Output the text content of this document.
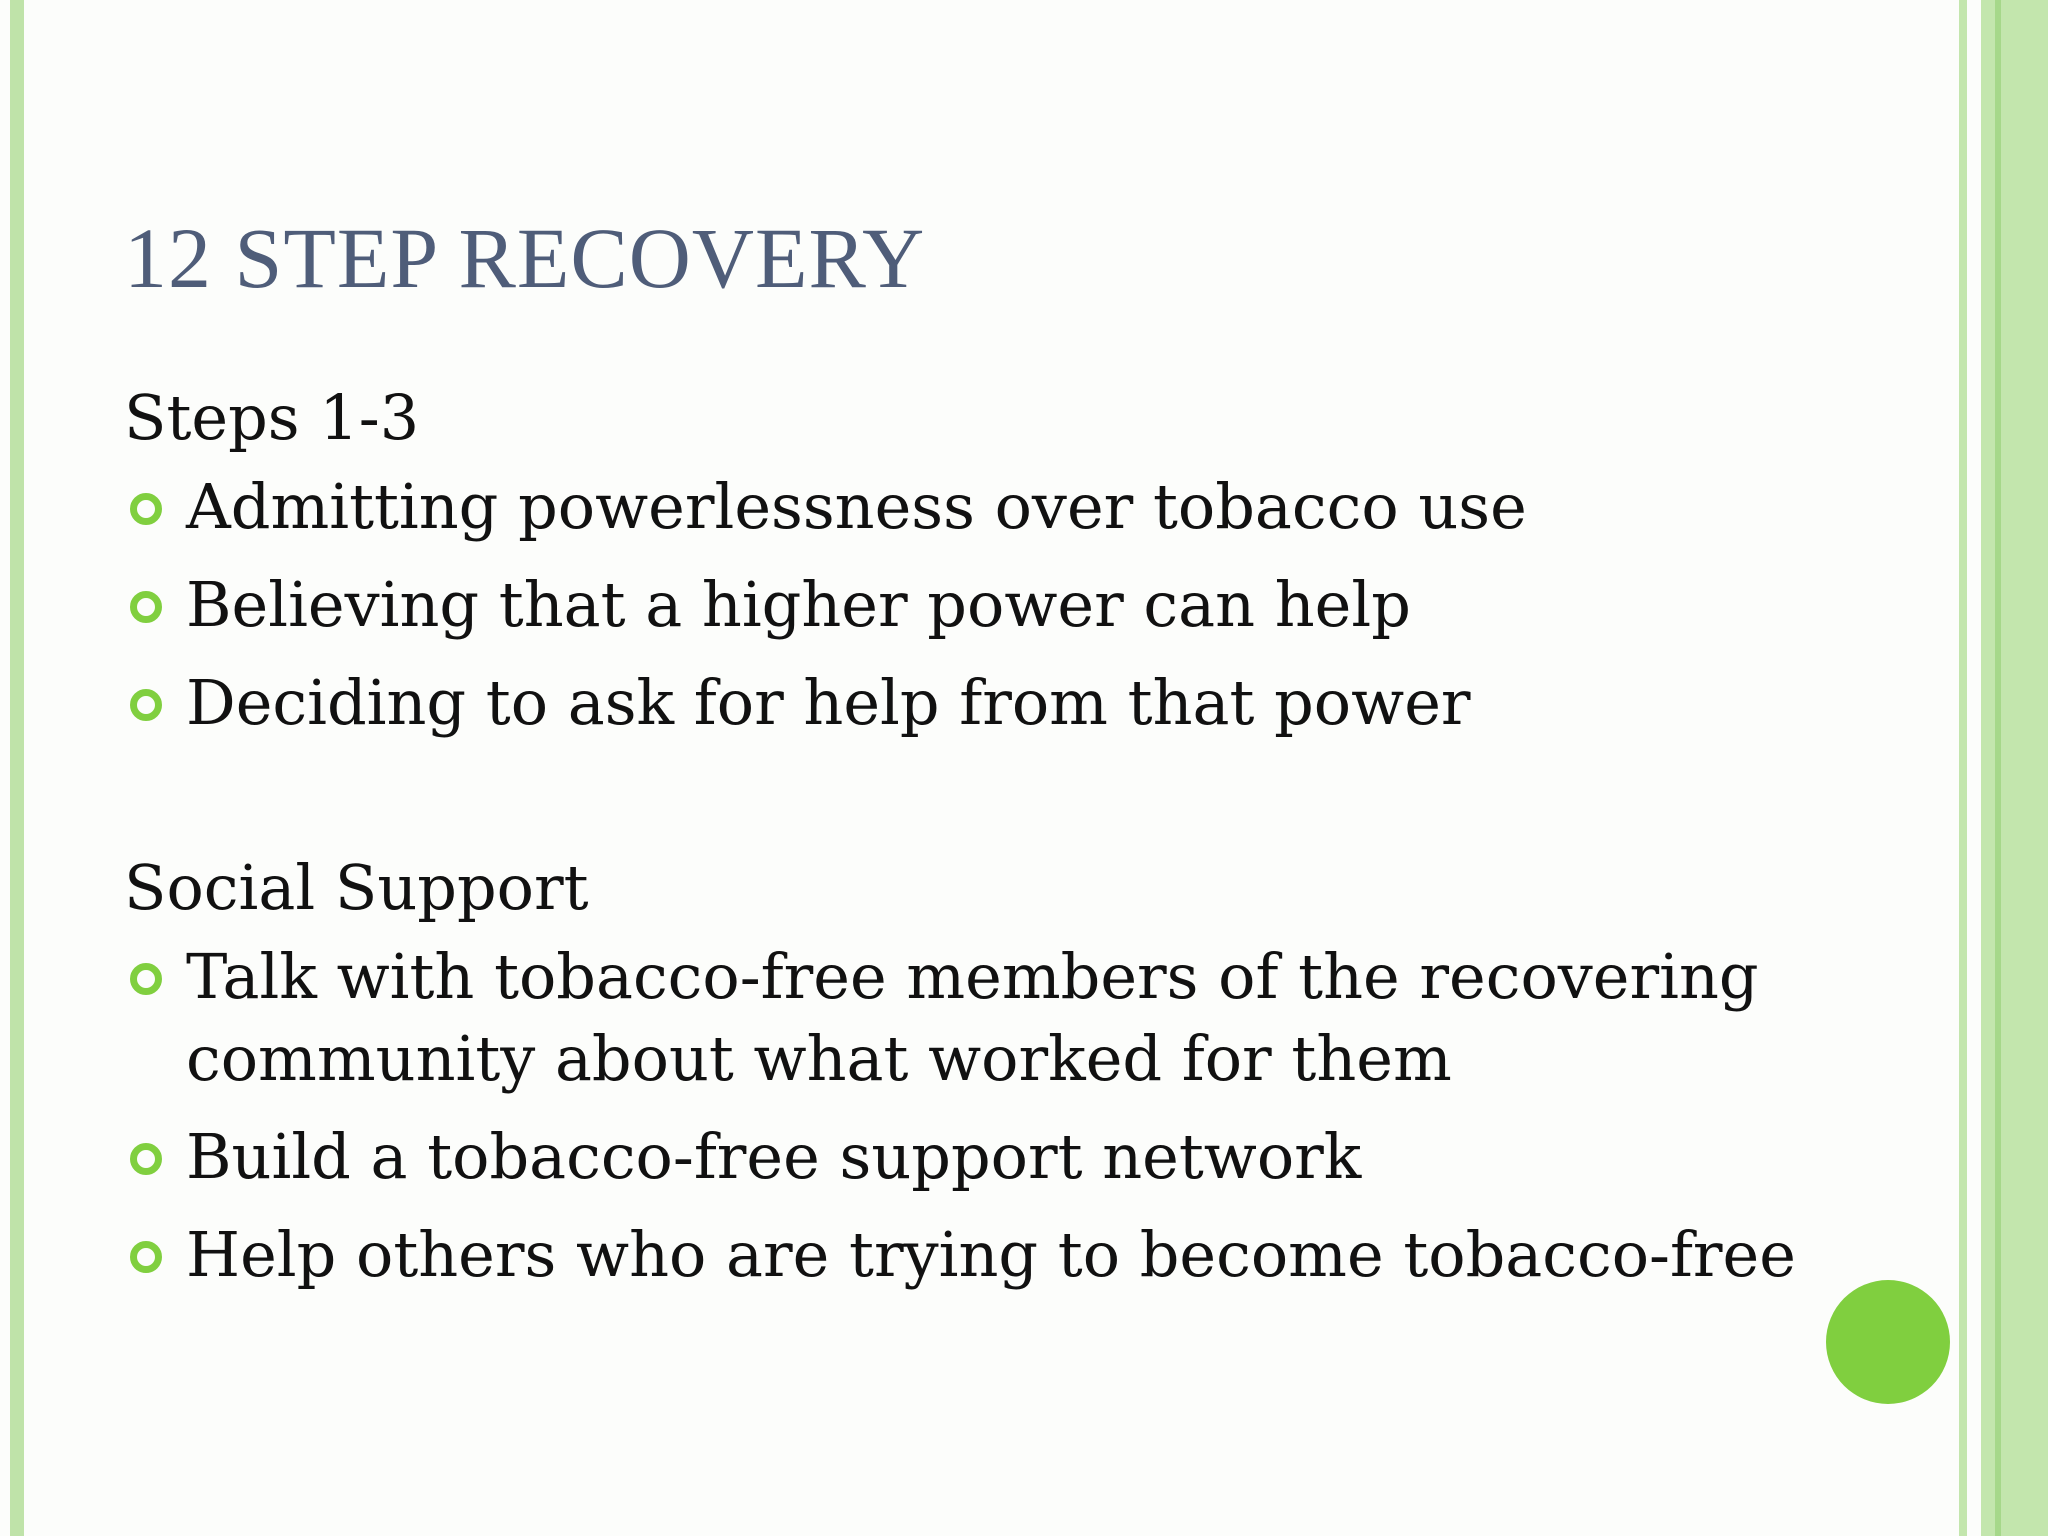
12 STEP RECOVERY
Steps 1-3
Admitting powerlessness over tobacco use
Believing that a higher power can help
Deciding to ask for help from that power
Social Support
Talk with tobacco-free members of the recovering community about what worked for them
Build a tobacco-free support network
Help others who are trying to become tobacco-free
